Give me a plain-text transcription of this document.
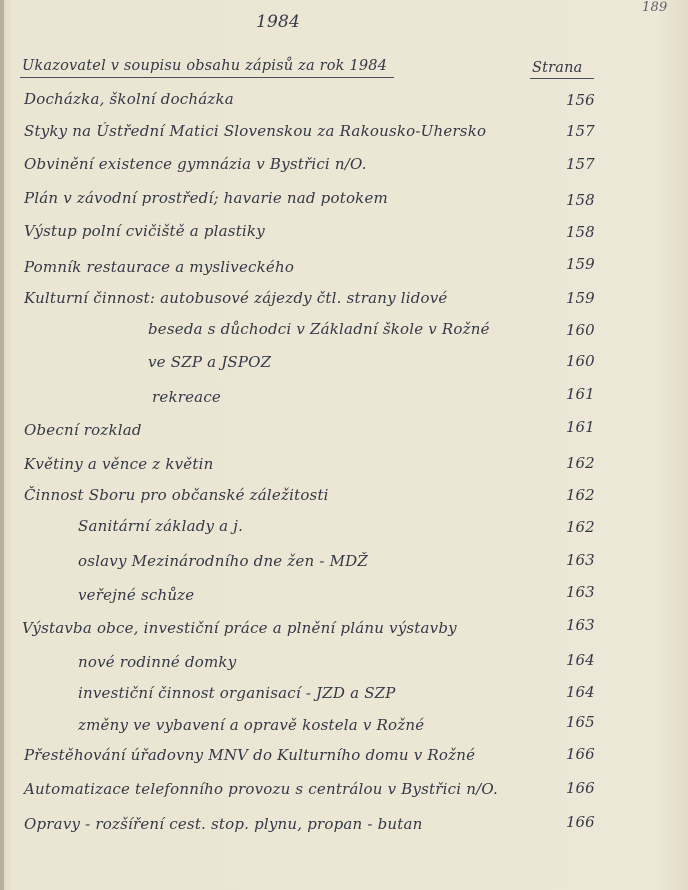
189
1984
Ukazovatel v soupisu obsahu zápisů za rok 1984	Strana
Docházka, školní docházka	156
Styky na Ústřední Matici Slovenskou za Rakousko-Uhersko	157
Obvinění existence gymnázia v Bystřici n/O.	157
Plán v závodní prostředí; havarie nad potokem	158
Výstup polní cvičiště a plastiky	158
Pomník restaurace a mysliveckého	159
Kulturní činnost: autobusové zájezdy čtl. strany lidové	159
beseda s důchodci v Základní škole v Rožné	160
ve SZP a JSPOZ	160
rekreace	161
Obecní rozklad	161
Květiny a věnce z květin	162
Činnost Sboru pro občanské záležitosti	162
Sanitární základy a j.	162
oslavy Mezinárodního dne žen - MDŽ	163
veřejné schůze	163
Výstavba obce, investiční práce a plnění plánu výstavby	163
nové rodinné domky	164
investiční činnost organisací - JZD a SZP	164
změny ve vybavení a opravě kostela v Rožné	165
Přestěhování úřadovny MNV do Kulturního domu v Rožné	166
Automatizace telefonního provozu s centrálou v Bystřici n/O.	166
Opravy - rozšíření cest. stop. plynu, propan - butan	166
